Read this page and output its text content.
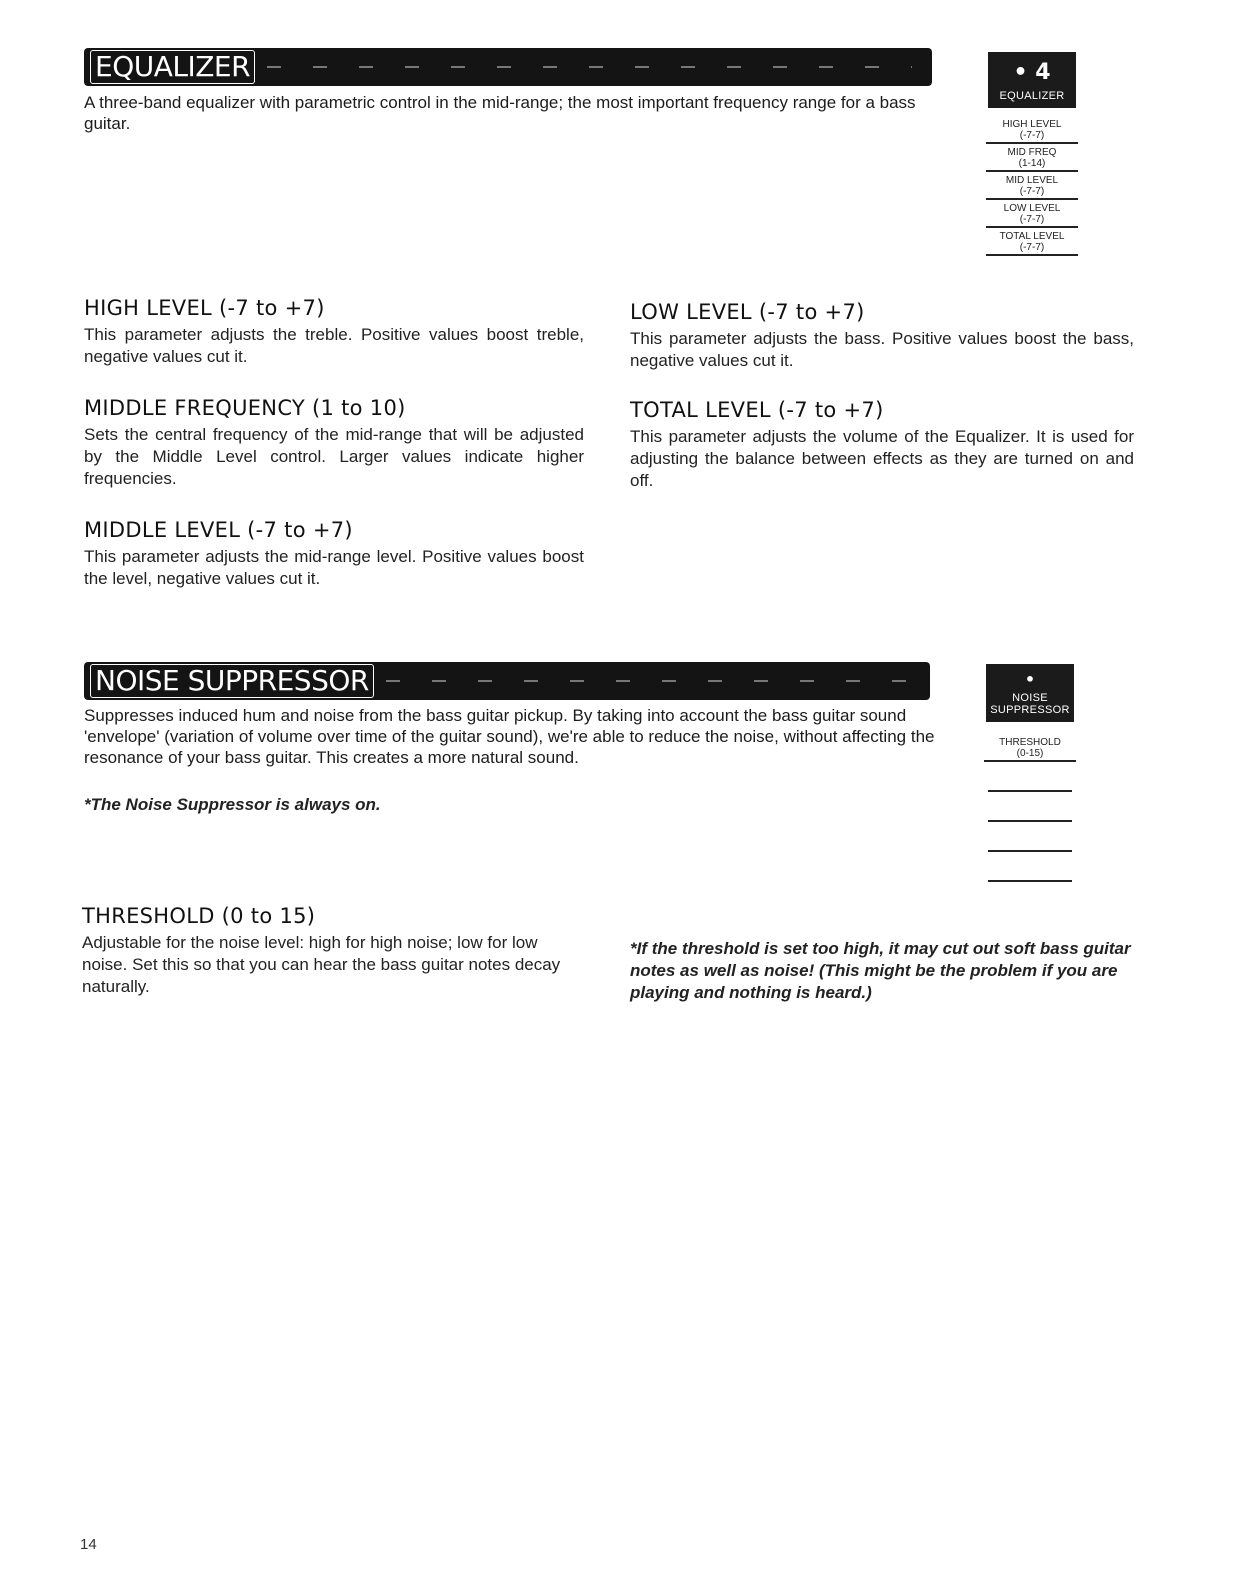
EQUALIZER
A three-band equalizer with parametric control in the mid-range; the most important frequency range for a bass guitar.
• 4
EQUALIZER
HIGH LEVEL
(-7-7)
MID FREQ
(1-14)
MID LEVEL
(-7-7)
LOW LEVEL
(-7-7)
TOTAL LEVEL
(-7-7)
HIGH LEVEL (-7 to +7)

This parameter adjusts the treble. Positive values boost treble, negative values cut it.

MIDDLE FREQUENCY (1 to 10)

Sets the central frequency of the mid-range that will be adjusted by the Middle Level control. Larger values indicate higher frequencies.

MIDDLE LEVEL (-7 to +7)

This parameter adjusts the mid-range level. Positive values boost the level, negative values cut it.

LOW LEVEL (-7 to +7)

This parameter adjusts the bass. Positive values boost the bass, negative values cut it.

TOTAL LEVEL (-7 to +7)

This parameter adjusts the volume of the Equalizer. It is used for adjusting the balance between effects as they are turned on and off.

NOISE SUPPRESSOR
Suppresses induced hum and noise from the bass guitar pickup. By taking into account the bass guitar sound 'envelope' (variation of volume over time of the guitar sound), we're able to reduce the noise, without affecting the resonance of your bass guitar. This creates a more natural sound.
*The Noise Suppressor is always on.
•
NOISE
SUPPRESSOR
THRESHOLD
(0-15)
THRESHOLD (0 to 15)

Adjustable for the noise level: high for high noise; low for low noise. Set this so that you can hear the bass guitar notes decay naturally.

*If the threshold is set too high, it may cut out soft bass guitar notes as well as noise! (This might be the problem if you are playing and nothing is heard.)
14
